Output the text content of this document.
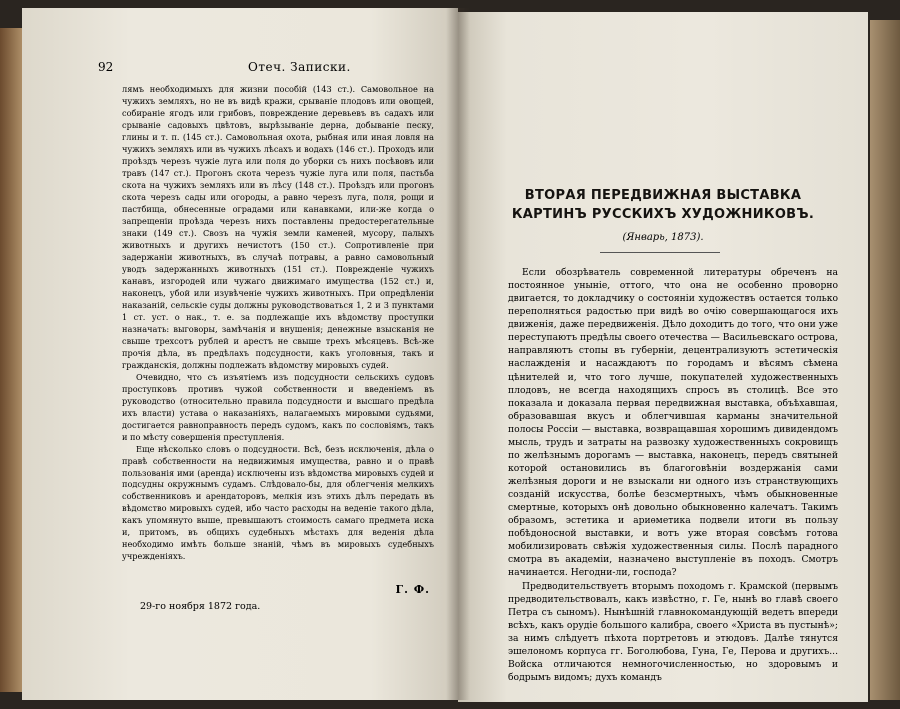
92	Отеч. Записки.

лямъ необходимыхъ для жизни пособій (143 ст.). Самовольное на чужихъ земляхъ, но не въ видѣ кражи, срываніе плодовъ или овощей, собираніе ягодъ или грибовъ, повреждение деревьевъ въ садахъ или срываніе садовыхъ цвѣтовъ, вырѣзываніе дерна, добываніе песку, глины и т. п. (145 ст.). Самовольная охота, рыбная или иная ловля на чужихъ земляхъ или въ чужихъ лѣсахъ и водахъ (146 ст.). Проходъ или проѣздъ черезъ чужіе луга или поля до уборки съ нихъ посѣвовъ или травъ (147 ст.). Прогонъ скота черезъ чужіе луга или поля, пастьба скота на чужихъ земляхъ или въ лѣсу (148 ст.). Проѣздъ или прогонъ скота черезъ сады или огороды, а равно черезъ луга, поля, рощи и пастбища, обнесенные оградами или канавками, или-же когда о запрещеніи проѣзда черезъ нихъ поставлены предостерегательные знаки (149 ст.). Свозъ на чужія земли каменей, мусору, палыхъ животныхъ и другихъ нечистотъ (150 ст.). Сопротивленіе при задержаніи животныхъ, въ случаѣ потравы, а равно самовольный уводъ задержанныхъ животныхъ (151 ст.). Поврежденіе чужихъ канавъ, изгородей или чужаго движимаго имущества (152 ст.) и, наконецъ, убой или изувѣченіе чужихъ животныхъ. При опредѣленіи наказаній, сельскіе суды должны руководствоваться 1, 2 и 3 пунктами 1 ст. уст. о нак., т. е. за подлежащіе ихъ вѣдомству проступки назначать: выговоры, замѣчанія и внушенія; денежные взысканія не свыше трехсотъ рублей и арестъ не свыше трехъ мѣсяцевъ. Всѣ-же прочія дѣла, въ предѣлахъ подсудности, какъ уголовныя, такъ и гражданскія, должны подлежать вѣдомству мировыхъ судей.

Очевидно, что съ изъятіемъ изъ подсудности сельскихъ судовъ проступковъ противъ чужой собственности и введеніемъ въ руководство (относительно правила подсудности и высшаго предѣла ихъ власти) устава о наказаніяхъ, налагаемыхъ мировыми судьями, достигается равноправность передъ судомъ, какъ по сословіямъ, такъ и по мѣсту совершенія преступленія.

Еще нѣсколько словъ о подсудности. Всѣ, безъ исключенія, дѣла о правѣ собственности на недвижимыя имущества, равно и о правѣ пользованія ими (аренда) исключены изъ вѣдомства мировыхъ судей и подсудны окружнымъ судамъ. Слѣдовало-бы, для облегченія мелкихъ собственниковъ и арендаторовъ, мелкія изъ этихъ дѣлъ передать въ вѣдомство мировыхъ судей, ибо часто расходы на веденіе такого дѣла, какъ упомянуто выше, превышаютъ стоимость самаго предмета иска и, притомъ, въ общихъ судебныхъ мѣстахъ для веденія дѣла необходимо имѣть больше знаній, чѣмъ въ мировыхъ судебныхъ учрежденіяхъ.

Г. Ф.
29-го ноября 1872 года.
ВТОРАЯ ПЕРЕДВИЖНАЯ ВЫСТАВКА КАРТИНЪ РУССКИХЪ ХУДОЖНИКОВЪ.
(Январь, 1873).

Если обозрѣватель современной литературы обреченъ на постоянное уныніе, оттого, что она не особенно проворно двигается, то докладчику о состояніи художествъ остается только переполняться радостью при видѣ во очію совершающагося ихъ движенія, даже передвиженія. Дѣло доходитъ до того, что они уже переступаютъ предѣлы своего отечества — Васильевскаго острова, направляютъ стопы въ губерніи, децентрализуютъ эстетическія наслажденія и насаждаютъ по городамъ и вѣсямъ сѣмена цѣнителей и, что того лучше, покупателей художественныхъ плодовъ, не всегда находящихъ спросъ въ столицѣ. Все это показала и доказала первая передвижная выставка, объѣхавшая, образовавшая вкусъ и облегчившая карманы значительной полосы Россіи — выставка, возвращавшая хорошимъ дивидендомъ мысль, трудъ и затраты на развозку художественныхъ сокровищъ по желѣзнымъ дорогамъ — выставка, наконецъ, передъ святыней которой остановились въ благоговѣніи воздержанія сами желѣзныя дороги и не взыскали ни одного изъ странствующихъ созданій искусства, болѣе безсмертныхъ, чѣмъ обыкновенные смертные, которыхъ онѣ довольно обыкновенно калечатъ. Такимъ образомъ, эстетика и ариѳметика подвели итоги въ пользу побѣдоносной выставки, и вотъ уже вторая совсѣмъ готова мобилизировать свѣжія художественныя силы. Послѣ парадного смотра въ академіи, назначено выступленіе въ походъ. Смотръ начинается. Негодни-ли, господа?

Предводительствуетъ вторымъ походомъ г. Крамской (первымъ предводительствовалъ, какъ извѣстно, г. Ге, нынѣ во главѣ своего Петра съ сыномъ). Нынѣшній главнокомандующій ведетъ впереди всѣхъ, какъ орудіе большого калибра, своего «Христа въ пустынѣ»; за нимъ слѣдуетъ пѣхота портретовъ и этюдовъ. Далѣе тянутся эшелономъ корпуса гг. Боголюбова, Гуна, Ге, Перова и другихъ... Войска отличаются немногочисленностью, но здоровымъ и бодрымъ видомъ; духъ командъ
